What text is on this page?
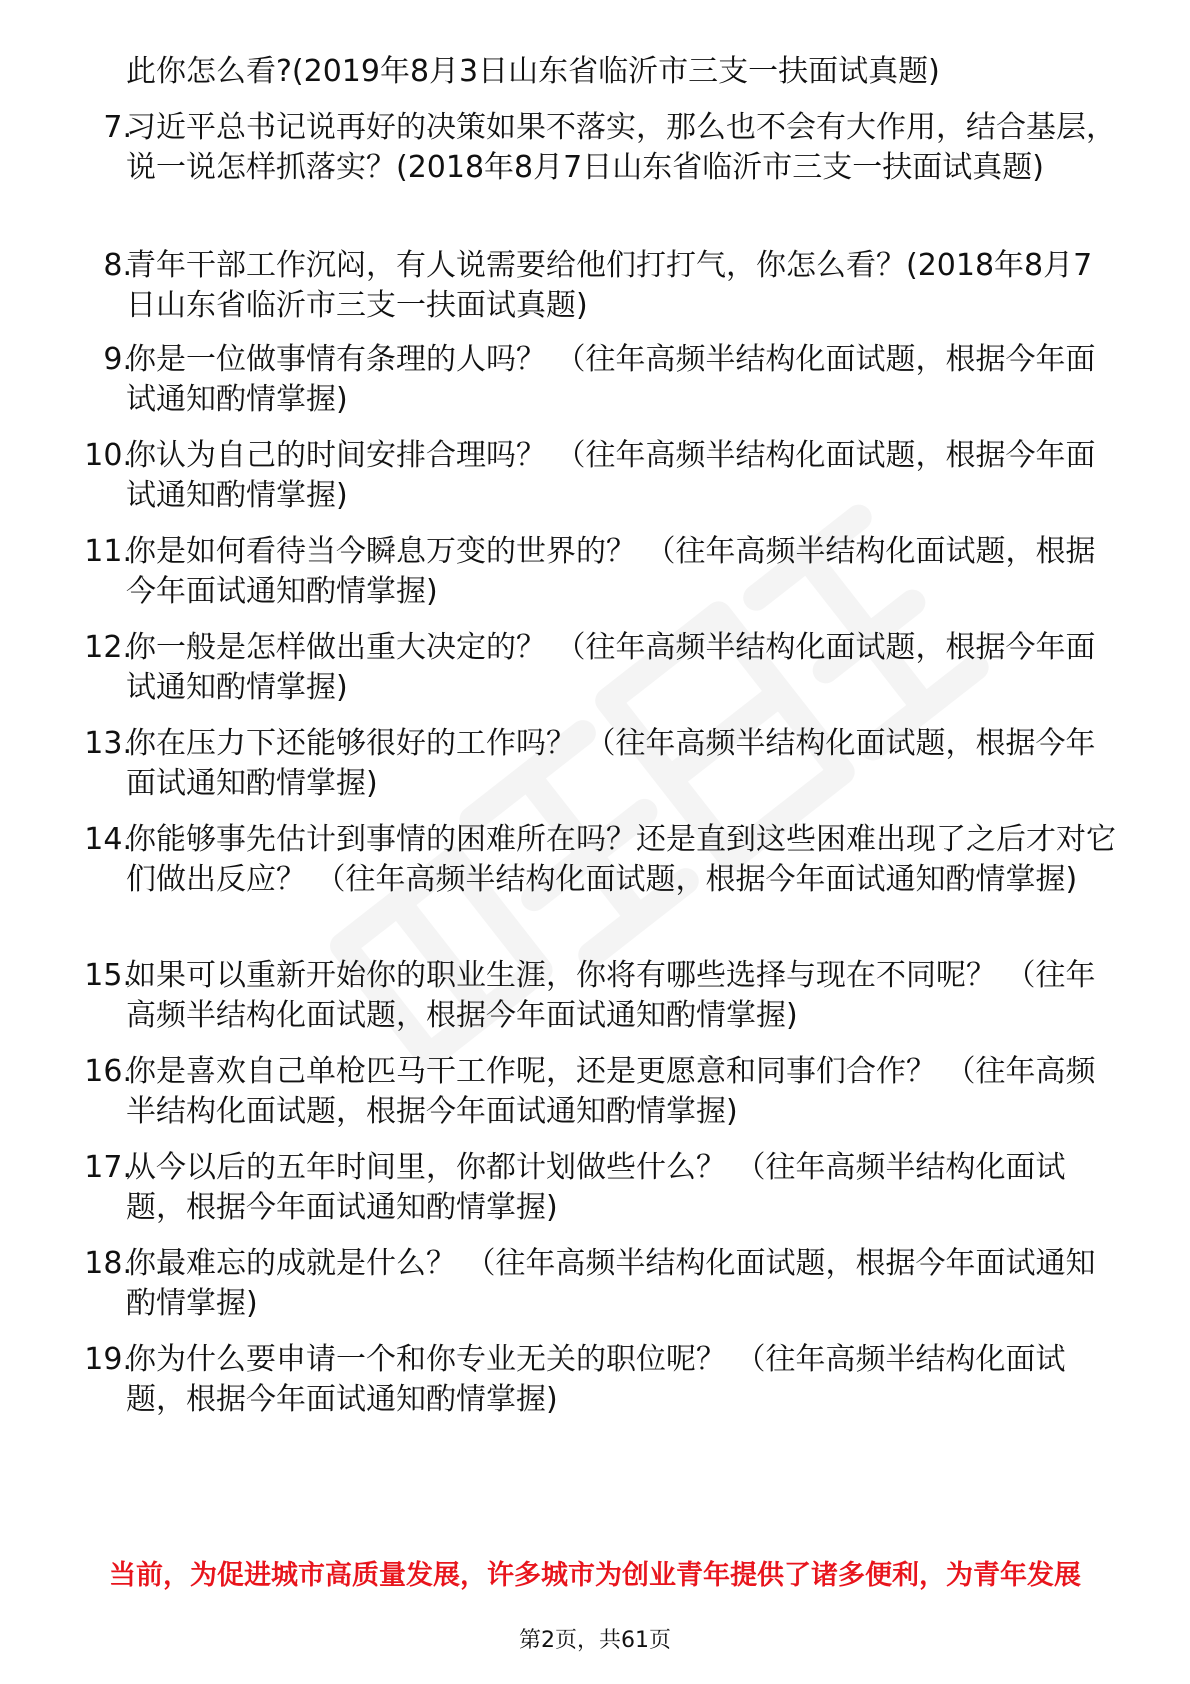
此你怎么看?(2019年8月3日山东省临沂市三支一扶面试真题)
7.
习近平总书记说再好的决策如果不落实，那么也不会有大作用，结合基层，说一说怎样抓落实？(2018年8月7日山东省临沂市三支一扶面试真题)
8.
青年干部工作沉闷，有人说需要给他们打打气，你怎么看？(2018年8月7日山东省临沂市三支一扶面试真题)
9.
你是一位做事情有条理的人吗？ （往年高频半结构化面试题，根据今年面试通知酌情掌握)
10.
你认为自己的时间安排合理吗？ （往年高频半结构化面试题，根据今年面试通知酌情掌握)
11.
你是如何看待当今瞬息万变的世界的？ （往年高频半结构化面试题，根据今年面试通知酌情掌握)
12.
你一般是怎样做出重大决定的？ （往年高频半结构化面试题，根据今年面试通知酌情掌握)
13.
你在压力下还能够很好的工作吗？ （往年高频半结构化面试题，根据今年面试通知酌情掌握)
14.
你能够事先估计到事情的困难所在吗？还是直到这些困难出现了之后才对它们做出反应？ （往年高频半结构化面试题，根据今年面试通知酌情掌握)
15.
如果可以重新开始你的职业生涯，你将有哪些选择与现在不同呢？ （往年高频半结构化面试题，根据今年面试通知酌情掌握)
16.
你是喜欢自己单枪匹马干工作呢，还是更愿意和同事们合作？ （往年高频半结构化面试题，根据今年面试通知酌情掌握)
17.
从今以后的五年时间里，你都计划做些什么？ （往年高频半结构化面试题，根据今年面试通知酌情掌握)
18.
你最难忘的成就是什么？ （往年高频半结构化面试题，根据今年面试通知酌情掌握)
19.
你为什么要申请一个和你专业无关的职位呢？ （往年高频半结构化面试题，根据今年面试通知酌情掌握)
当前，为促进城市高质量发展，许多城市为创业青年提供了诸多便利，为青年发展
第2页，共61页
